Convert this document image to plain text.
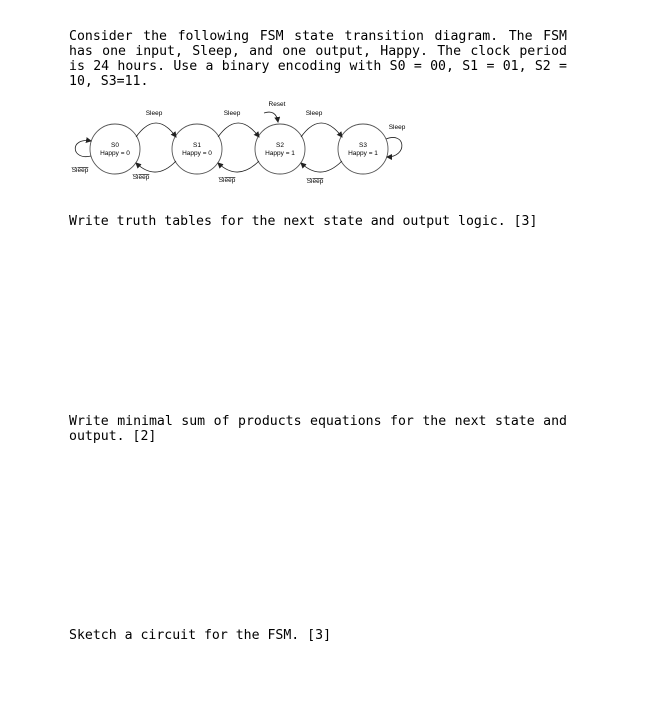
Consider the following FSM state transition diagram. The FSM has one input, Sleep, and one output, Happy. The clock period is 24 hours. Use a binary encoding with S0 = 00, S1 = 01, S2 = 10, S3=11.
S0
Happy = 0
S1
Happy = 0
S2
Happy = 1
S3
Happy = 1
Reset
Sleep	Sleep	Sleep
Sleep	Sleep	Sleep
Sleep
Sleep
Write truth tables for the next state and output logic. [3]
Write minimal sum of products equations for the next state and output. [2]
Sketch a circuit for the FSM. [3]
